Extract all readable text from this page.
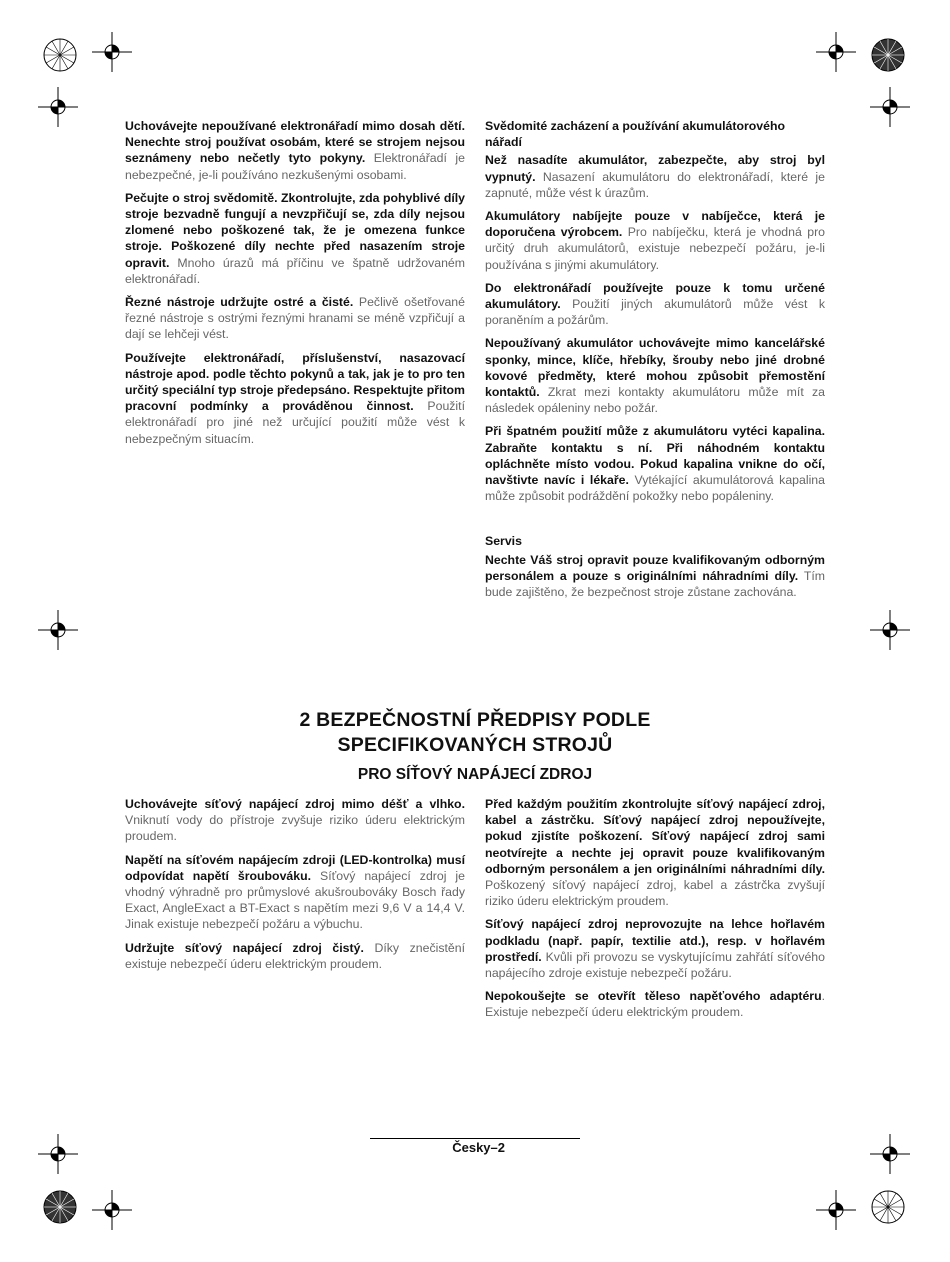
Uchovávejte nepoužívané elektronářadí mimo dosah dětí. Nenechte stroj používat osobám, které se strojem nejsou seznámeny nebo nečetly tyto pokyny. Elektronářadí je nebezpečné, je-li používáno nezkušenými osobami.

Pečujte o stroj svědomitě. Zkontrolujte, zda pohyblivé díly stroje bezvadně fungují a nevzpřičují se, zda díly nejsou zlomené nebo poškozené tak, že je omezena funkce stroje. Poškozené díly nechte před nasazením stroje opravit. Mnoho úrazů má příčinu ve špatně udržovaném elektronářadí.

Řezné nástroje udržujte ostré a čisté. Pečlivě ošetřované řezné nástroje s ostrými řeznými hranami se méně vzpřičují a dají se lehčeji vést.

Používejte elektronářadí, příslušenství, nasazovací nástroje apod. podle těchto pokynů a tak, jak je to pro ten určitý speciální typ stroje předepsáno. Respektujte přitom pracovní podmínky a prováděnou činnost. Použití elektronářadí pro jiné než určující použití může vést k nebezpečným situacím.

Svědomité zacházení a používání akumulátorového nářadí

Než nasadíte akumulátor, zabezpečte, aby stroj byl vypnutý. Nasazení akumulátoru do elektronářadí, které je zapnuté, může vést k úrazům.

Akumulátory nabíjejte pouze v nabíječce, která je doporučena výrobcem. Pro nabíječku, která je vhodná pro určitý druh akumulátorů, existuje nebezpečí požáru, je-li používána s jinými akumulátory.

Do elektronářadí používejte pouze k tomu určené akumulátory. Použití jiných akumulátorů může vést k poraněním a požárům.

Nepoužívaný akumulátor uchovávejte mimo kancelářské sponky, mince, klíče, hřebíky, šrouby nebo jiné drobné kovové předměty, které mohou způsobit přemostění kontaktů. Zkrat mezi kontakty akumulátoru může mít za následek opáleniny nebo požár.

Při špatném použití může z akumulátoru vytéci kapalina. Zabraňte kontaktu s ní. Při náhodném kontaktu opláchněte místo vodou. Pokud kapalina vnikne do očí, navštivte navíc i lékaře. Vytékající akumulátorová kapalina může způsobit podráždění pokožky nebo popáleniny.

Servis

Nechte Váš stroj opravit pouze kvalifikovaným odborným personálem a pouze s originálními náhradními díly. Tím bude zajištěno, že bezpečnost stroje zůstane zachována.

2 BEZPEČNOSTNÍ PŘEDPISY PODLE
SPECIFIKOVANÝCH STROJŮ
PRO SÍŤOVÝ NAPÁJECÍ ZDROJ

Uchovávejte síťový napájecí zdroj mimo déšť a vlhko. Vniknutí vody do přístroje zvyšuje riziko úderu elektrickým proudem.

Napětí na síťovém napájecím zdroji (LED-kontrolka) musí odpovídat napětí šroubováku. Síťový napájecí zdroj je vhodný výhradně pro průmyslové akušroubováky Bosch řady Exact, AngleExact a BT-Exact s napětím mezi 9,6 V a 14,4 V. Jinak existuje nebezpečí požáru a výbuchu.

Udržujte síťový napájecí zdroj čistý. Díky znečistění existuje nebezpečí úderu elektrickým proudem.

Před každým použitím zkontrolujte síťový napájecí zdroj, kabel a zástrčku. Síťový napájecí zdroj nepoužívejte, pokud zjistíte poškození. Síťový napájecí zdroj sami neotvírejte a nechte jej opravit pouze kvalifikovaným odborným personálem a jen originálními náhradními díly. Poškozený síťový napájecí zdroj, kabel a zástrčka zvyšují riziko úderu elektrickým proudem.

Síťový napájecí zdroj neprovozujte na lehce hořlavém podkladu (např. papír, textilie atd.), resp. v hořlavém prostředí. Kvůli při provozu se vyskytujícímu zahřátí síťového napájecího zdroje existuje nebezpečí požáru.

Nepokoušejte se otevřít těleso napěťového adaptéru. Existuje nebezpečí úderu elektrickým proudem.

Česky–2
